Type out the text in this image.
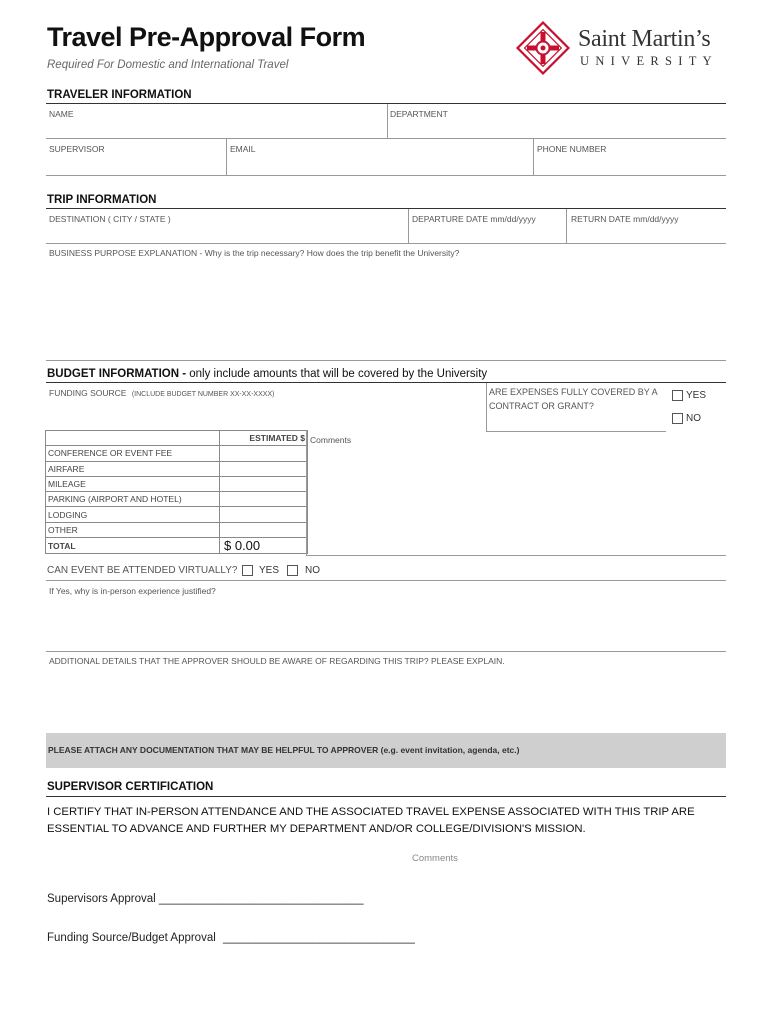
Travel Pre-Approval Form
Required For Domestic and International Travel
Saint Martin’s
UNIVERSITY
TRAVELER INFORMATION
NAME	DEPARTMENT
SUPERVISOR	EMAIL	PHONE NUMBER
TRIP INFORMATION
DESTINATION ( CITY / STATE )	DEPARTURE DATE mm/dd/yyyy	RETURN DATE mm/dd/yyyy
BUSINESS PURPOSE EXPLANATION - Why is the trip necessary? How does the trip benefit the University?
BUDGET INFORMATION - only include amounts that will be covered by the University
FUNDING SOURCE (INCLUDE BUDGET NUMBER XX-XX-XXXX)	ARE EXPENSES FULLY COVERED BY A CONTRACT OR GRANT?
YES
NO
	ESTIMATED $
CONFERENCE OR EVENT FEE	
AIRFARE	
MILEAGE	
PARKING (AIRPORT AND HOTEL)	
LODGING	
OTHER	
TOTAL	$ 0.00
Comments
CAN EVENT BE ATTENDED VIRTUALLY? YES	NO
If Yes, why is in-person experience justified?
ADDITIONAL DETAILS THAT THE APPROVER SHOULD BE AWARE OF REGARDING THIS TRIP? PLEASE EXPLAIN.
PLEASE ATTACH ANY DOCUMENTATION THAT MAY BE HELPFUL TO APPROVER (e.g. event invitation, agenda, etc.)
SUPERVISOR CERTIFICATION
I CERTIFY THAT IN-PERSON ATTENDANCE AND THE ASSOCIATED TRAVEL EXPENSE ASSOCIATED WITH THIS TRIP ARE ESSENTIAL TO ADVANCE AND FURTHER MY DEPARTMENT AND/OR COLLEGE/DIVISION'S MISSION.
Comments
Supervisors Approval ________________________________
Funding Source/Budget Approval ______________________________
